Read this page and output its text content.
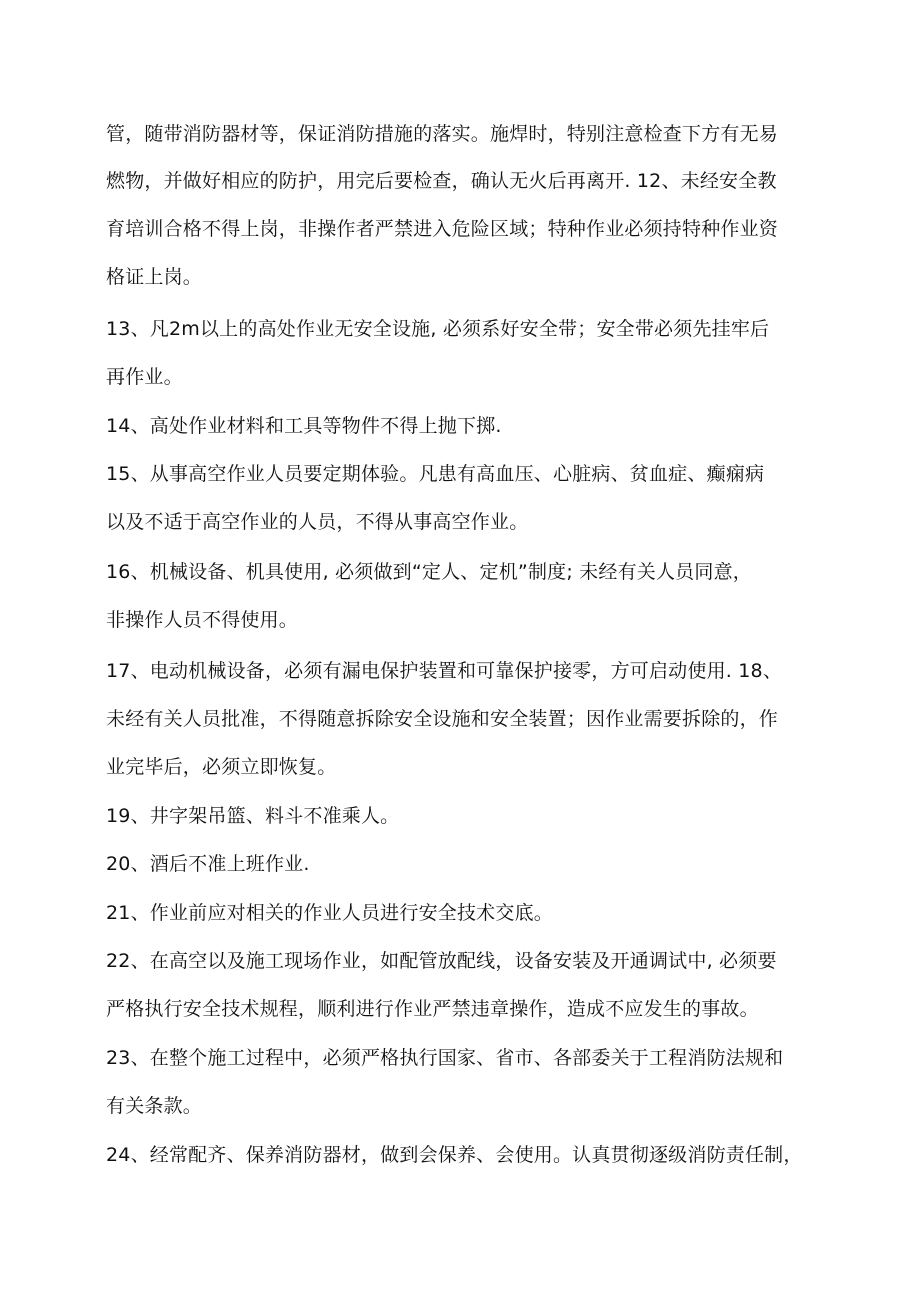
管，随带消防器材等，保证消防措施的落实。施焊时，特别注意检查下方有无易
燃物，并做好相应的防护，用完后要检查，确认无火后再离开. 12、未经安全教
育培训合格不得上岗，非操作者严禁进入危险区域；特种作业必须持特种作业资
格证上岗。
13、凡2m以上的高处作业无安全设施, 必须系好安全带；安全带必须先挂牢后
再作业。
14、高处作业材料和工具等物件不得上抛下掷.
15、从事高空作业人员要定期体验。凡患有高血压、心脏病、贫血症、癫痫病
以及不适于高空作业的人员，不得从事高空作业。
16、机械设备、机具使用, 必须做到“定人、定机”制度; 未经有关人员同意，
非操作人员不得使用。
17、电动机械设备，必须有漏电保护装置和可靠保护接零，方可启动使用. 18、
未经有关人员批准，不得随意拆除安全设施和安全装置；因作业需要拆除的，作
业完毕后，必须立即恢复。
19、井字架吊篮、料斗不准乘人。
20、酒后不准上班作业.
21、作业前应对相关的作业人员进行安全技术交底。
22、在高空以及施工现场作业，如配管放配线，设备安装及开通调试中, 必须要
严格执行安全技术规程，顺利进行作业严禁违章操作，造成不应发生的事故。
23、在整个施工过程中，必须严格执行国家、省市、各部委关于工程消防法规和
有关条款。
24、经常配齐、保养消防器材，做到会保养、会使用。认真贯彻逐级消防责任制，
